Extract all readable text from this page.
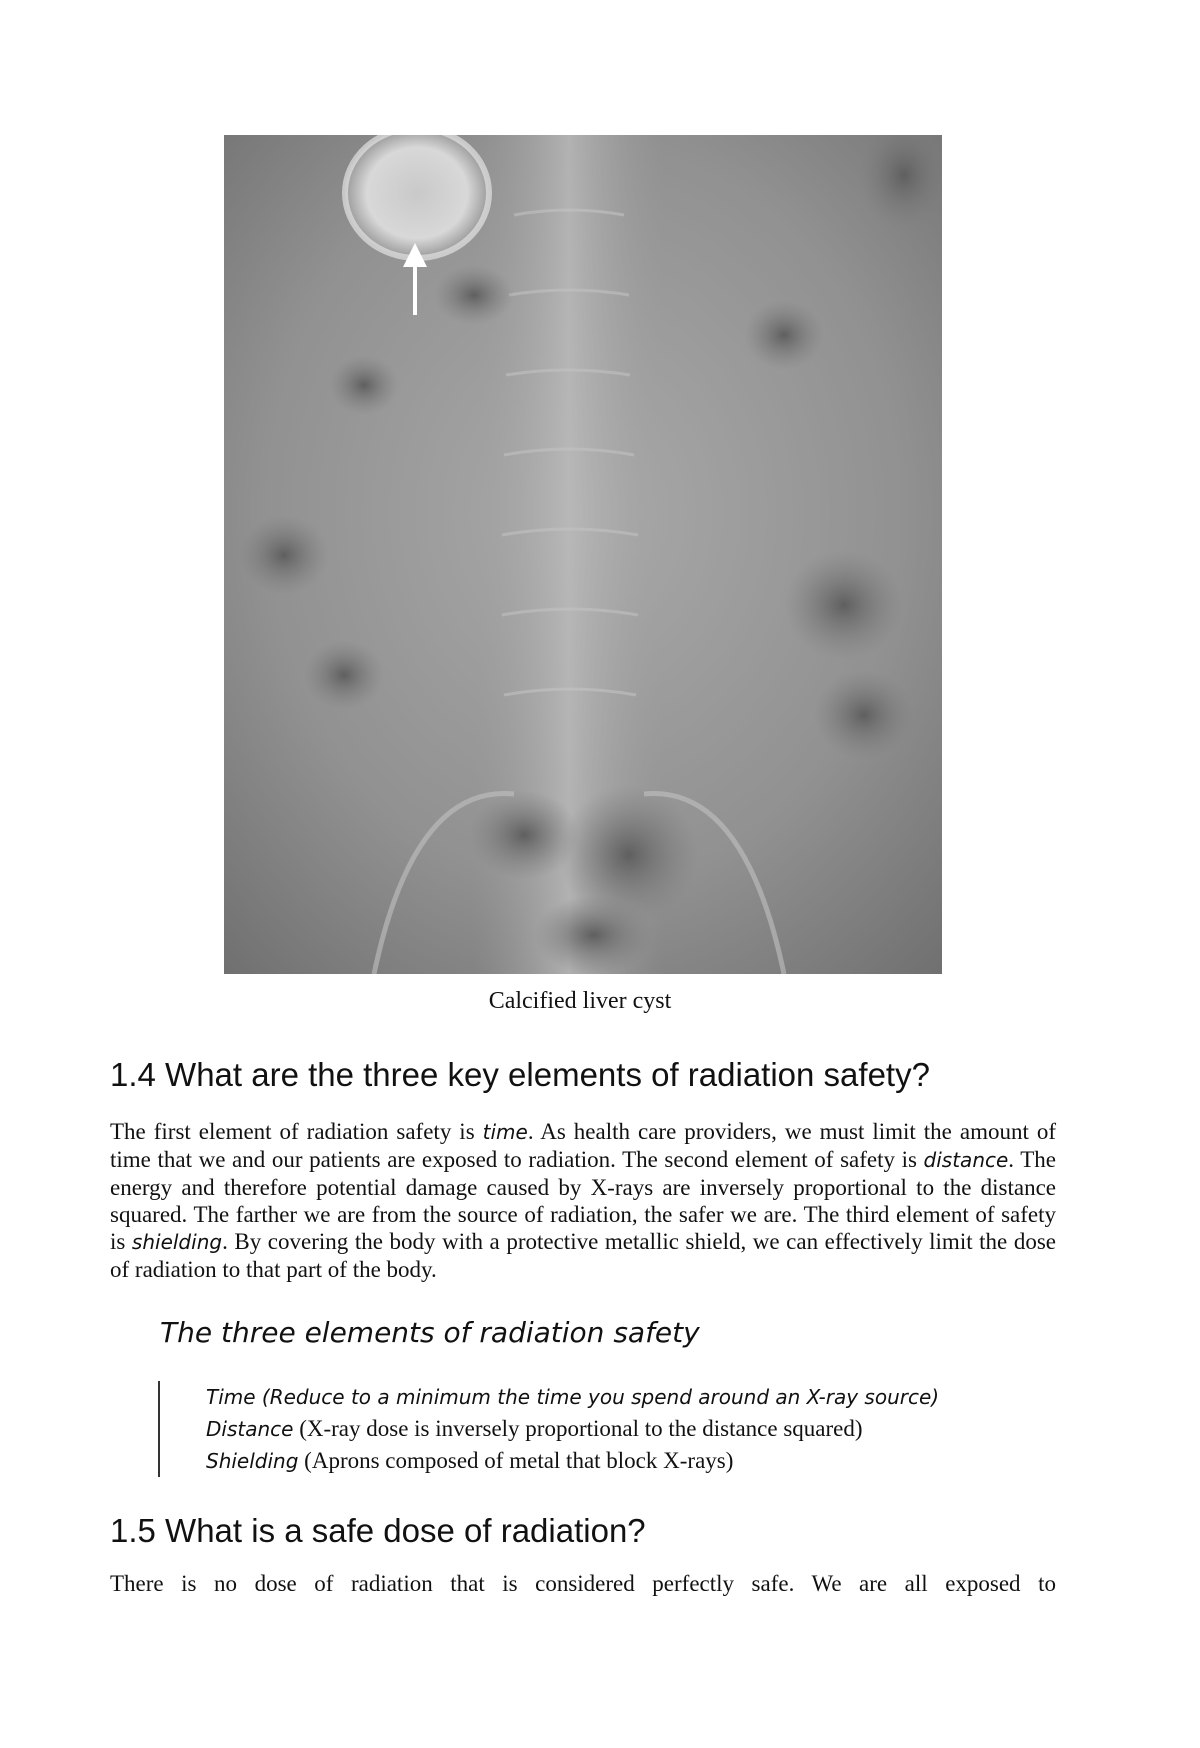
Calcified liver cyst
1.4 What are the three key elements of radiation safety?

The first element of radiation safety is time. As health care providers, we must limit the amount of time that we and our patients are exposed to radiation. The second element of safety is distance. The energy and therefore potential damage caused by X-rays are inversely proportional to the distance squared. The farther we are from the source of radiation, the safer we are. The third element of safety is shielding. By covering the body with a protective metallic shield, we can effectively limit the dose of radiation to that part of the body.

The three elements of radiation safety
Time (Reduce to a minimum the time you spend around an X-ray source)
Distance (X-ray dose is inversely proportional to the distance squared)
Shielding (Aprons composed of metal that block X-rays)
1.5 What is a safe dose of radiation?

There is no dose of radiation that is considered perfectly safe. We are all exposed to
